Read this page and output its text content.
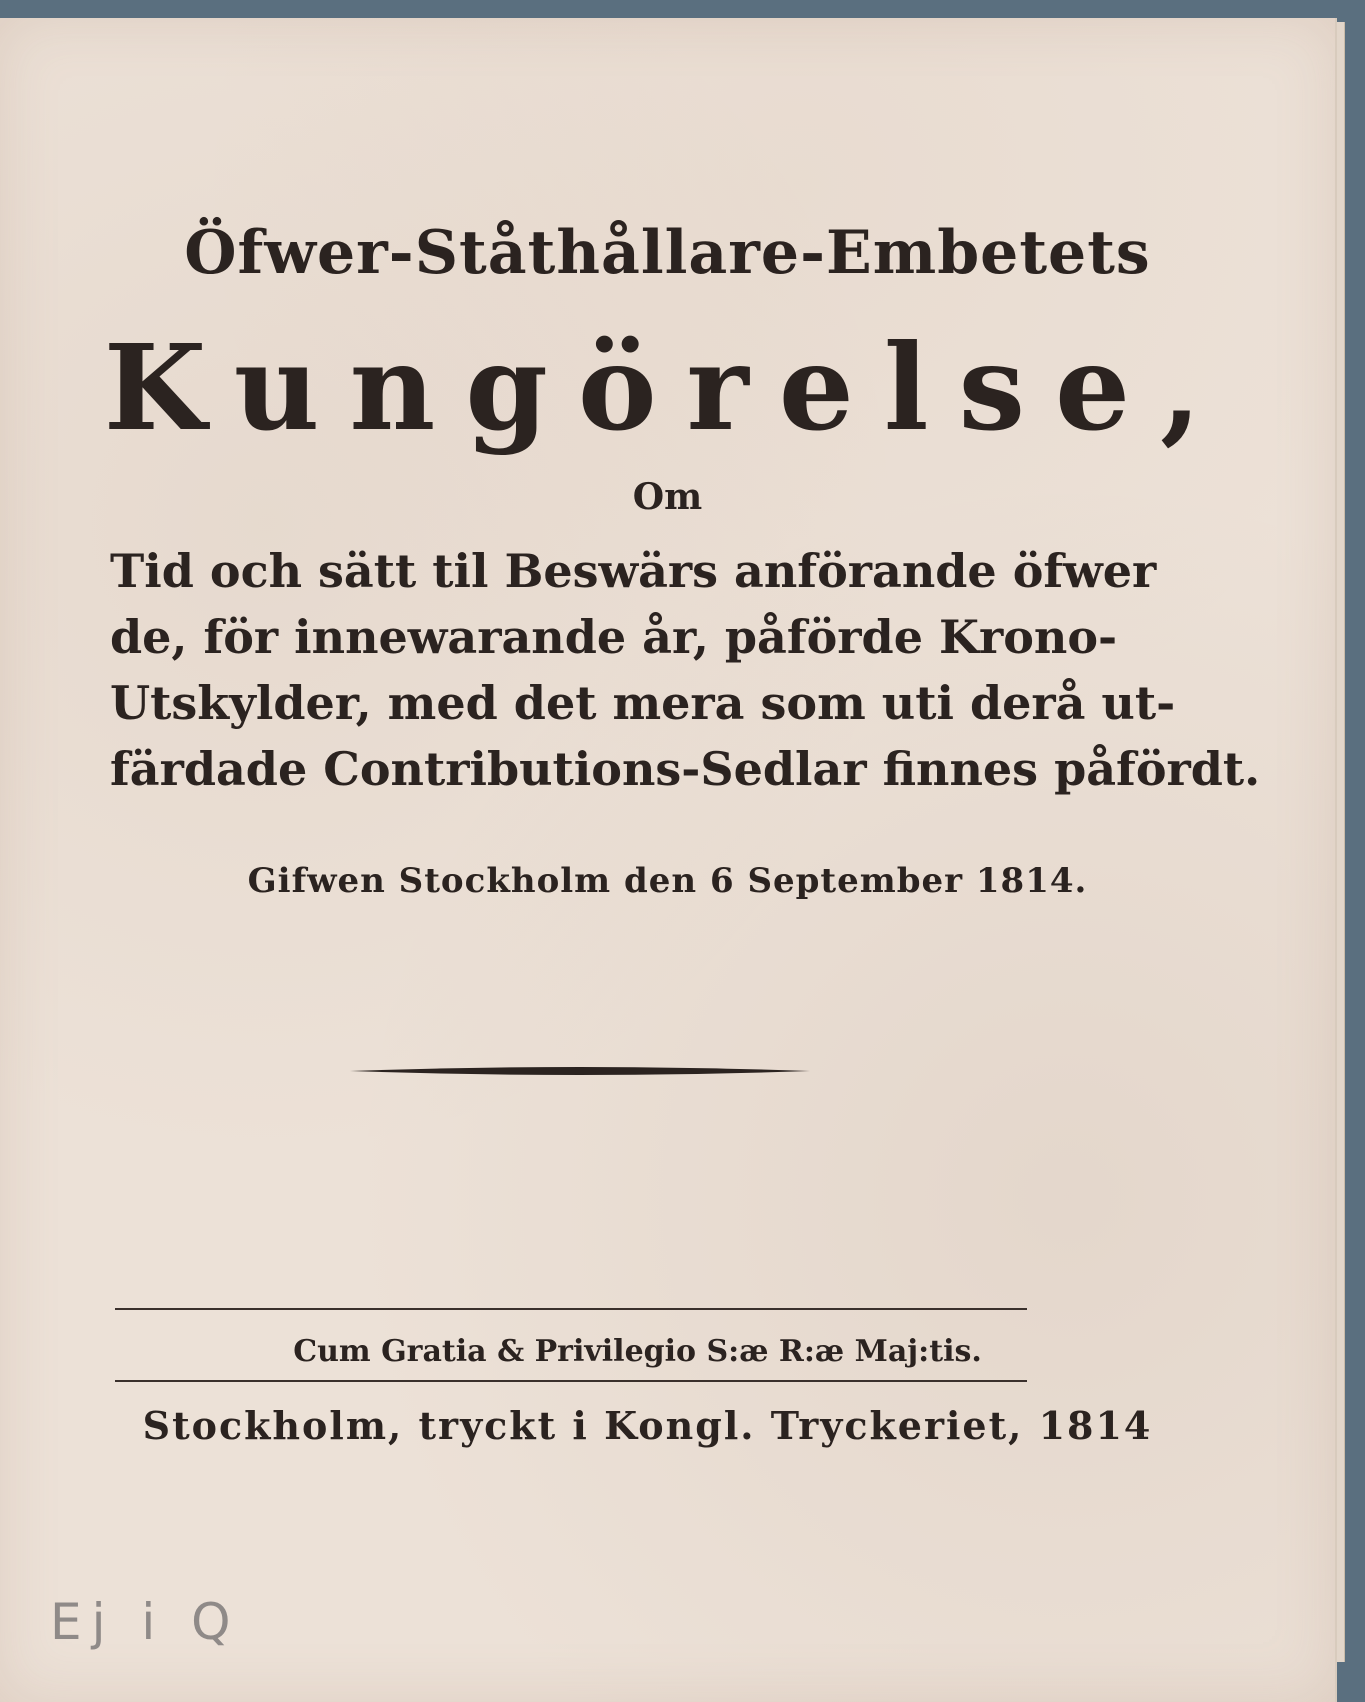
Öfwer-Ståthållare-Embetets
Kungörelse,
Om
Tid och sätt til Beswärs anförande öfwer
de, för innewarande år, påförde Krono-
Utskylder, med det mera som uti derå ut-
färdade Contributions-Sedlar finnes påfördt.
Gifwen Stockholm den 6 September 1814.
Cum Gratia & Privilegio S:æ R:æ Maj:tis.
Stockholm, tryckt i Kongl. Tryckeriet, 1814
Ej i Q
